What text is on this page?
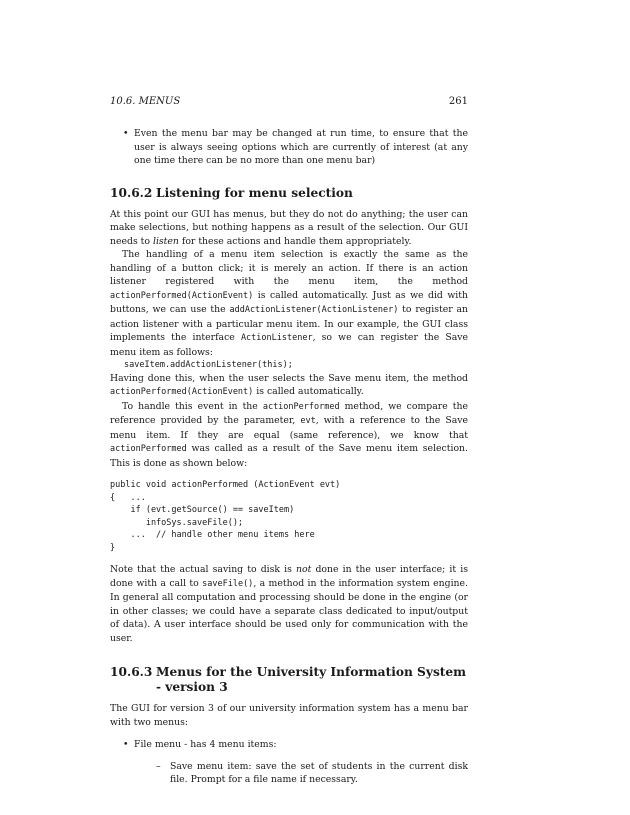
10.6. MENUS	261
• Even the menu bar may be changed at run time, to ensure that the user is always seeing options which are currently of interest (at any one time there can be no more than one menu bar)
10.6.2 Listening for menu selection

At this point our GUI has menus, but they do not do anything; the user can make selections, but nothing happens as a result of the selection. Our GUI needs to listen for these actions and handle them appropriately.

The handling of a menu item selection is exactly the same as the handling of a button click; it is merely an action. If there is an action listener registered with the menu item, the method actionPerformed(ActionEvent) is called automatically. Just as we did with buttons, we can use the addActionListener(ActionListener) to register an action listener with a particular menu item. In our example, the GUI class implements the interface ActionListener, so we can register the Save menu item as follows:

saveItem.addActionListener(this);

Having done this, when the user selects the Save menu item, the method actionPerformed(ActionEvent) is called automatically.

To handle this event in the actionPerformed method, we compare the reference provided by the parameter, evt, with a reference to the Save menu item. If they are equal (same reference), we know that actionPerformed was called as a result of the Save menu item selection. This is done as shown below:

public void actionPerformed (ActionEvent evt)
{   ...
if (evt.getSource() == saveItem)
infoSys.saveFile();
...  // handle other menu items here
}

Note that the actual saving to disk is not done in the user interface; it is done with a call to saveFile(), a method in the information system engine. In general all computation and processing should be done in the engine (or in other classes; we could have a separate class dedicated to input/output of data). A user interface should be used only for communication with the user.

10.6.3 Menus for the University Information System - version 3

The GUI for version 3 of our university information system has a menu bar with two menus:

• File menu - has 4 menu items:
– Save menu item: save the set of students in the current disk file. Prompt for a file name if necessary.
